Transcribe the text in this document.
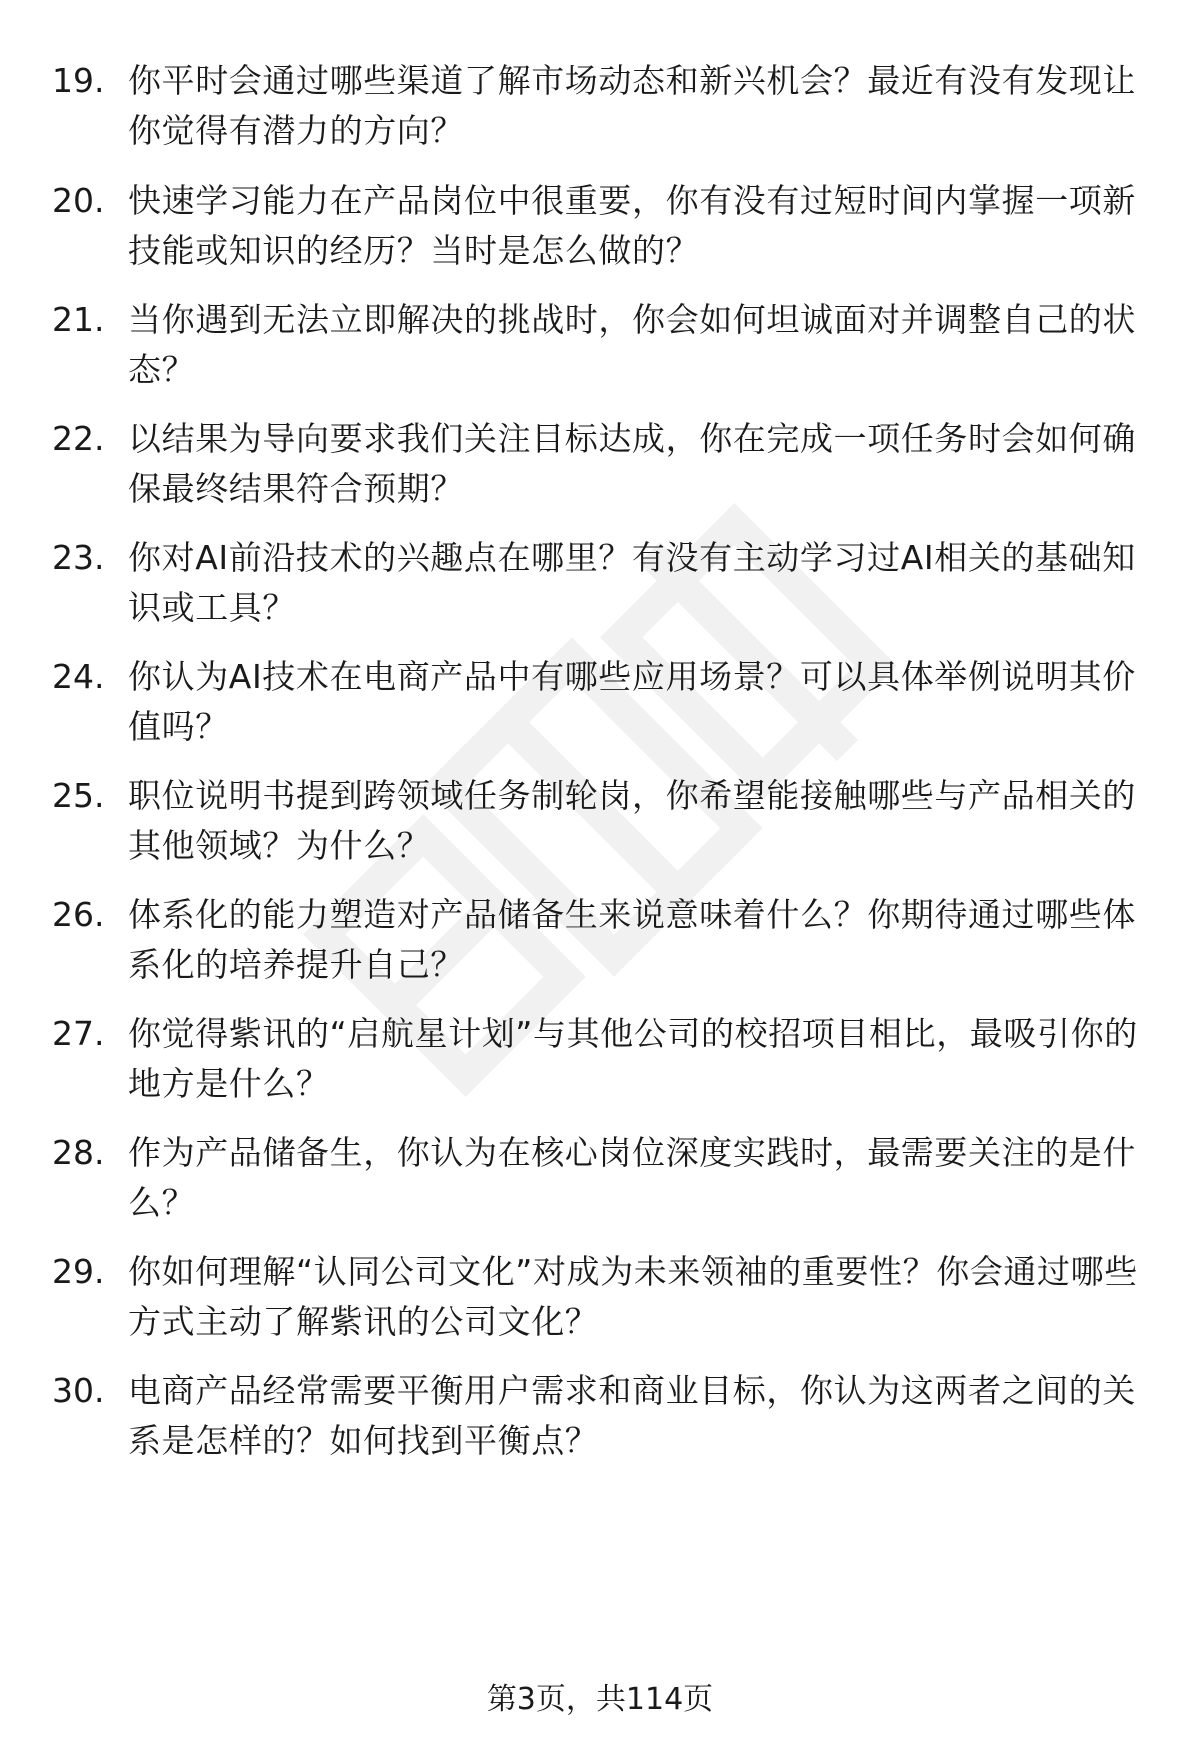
19. 你平时会通过哪些渠道了解市场动态和新兴机会？最近有没有发现让你觉得有潜力的方向？
20. 快速学习能力在产品岗位中很重要，你有没有过短时间内掌握一项新技能或知识的经历？当时是怎么做的？
21. 当你遇到无法立即解决的挑战时，你会如何坦诚面对并调整自己的状态？
22. 以结果为导向要求我们关注目标达成，你在完成一项任务时会如何确保最终结果符合预期？
23. 你对AI前沿技术的兴趣点在哪里？有没有主动学习过AI相关的基础知识或工具？
24. 你认为AI技术在电商产品中有哪些应用场景？可以具体举例说明其价值吗？
25. 职位说明书提到跨领域任务制轮岗，你希望能接触哪些与产品相关的其他领域？为什么？
26. 体系化的能力塑造对产品储备生来说意味着什么？你期待通过哪些体系化的培养提升自己？
27. 你觉得紫讯的“启航星计划”与其他公司的校招项目相比，最吸引你的地方是什么？
28. 作为产品储备生，你认为在核心岗位深度实践时，最需要关注的是什么？
29. 你如何理解“认同公司文化”对成为未来领袖的重要性？你会通过哪些方式主动了解紫讯的公司文化？
30. 电商产品经常需要平衡用户需求和商业目标，你认为这两者之间的关系是怎样的？如何找到平衡点？
第3页，共114页
